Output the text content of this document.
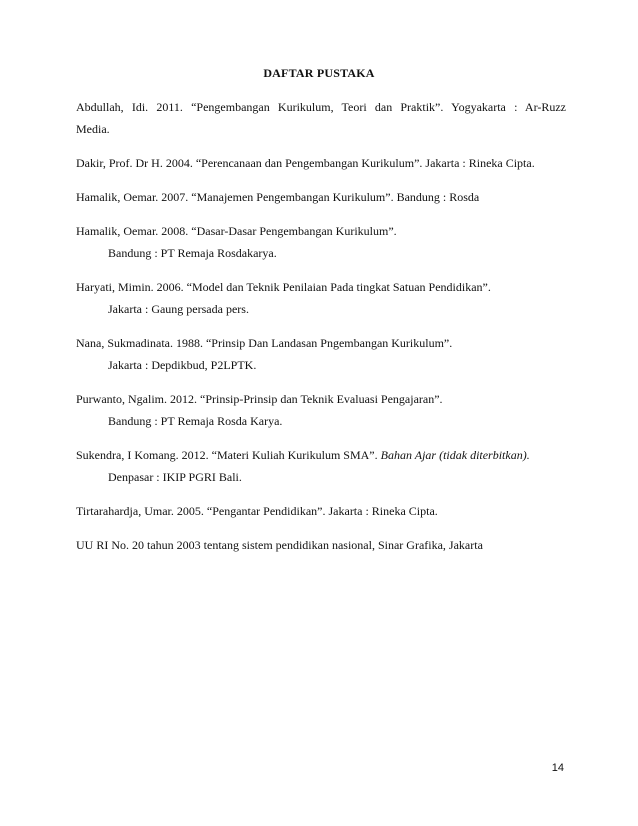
DAFTAR PUSTAKA
Abdullah, Idi. 2011. “Pengembangan Kurikulum, Teori dan Praktik”. Yogyakarta : Ar-Ruzz
Media.
Dakir, Prof. Dr H. 2004. “Perencanaan dan Pengembangan Kurikulum”. Jakarta : Rineka Cipta.
Hamalik, Oemar. 2007. “Manajemen Pengembangan Kurikulum”. Bandung : Rosda
Hamalik, Oemar. 2008. “Dasar-Dasar Pengembangan Kurikulum”.
Bandung : PT Remaja Rosdakarya.
Haryati, Mimin. 2006. “Model dan Teknik Penilaian Pada tingkat Satuan Pendidikan”.
Jakarta : Gaung persada pers.
Nana, Sukmadinata. 1988. “Prinsip Dan Landasan Pngembangan Kurikulum”.
Jakarta : Depdikbud, P2LPTK.
Purwanto, Ngalim. 2012. “Prinsip-Prinsip dan Teknik Evaluasi Pengajaran”.
Bandung : PT Remaja Rosda Karya.
Sukendra, I Komang. 2012. “Materi Kuliah Kurikulum SMA”. Bahan Ajar (tidak diterbitkan).
Denpasar : IKIP PGRI Bali.
Tirtarahardja, Umar. 2005. “Pengantar Pendidikan”. Jakarta : Rineka Cipta.
UU RI No. 20 tahun 2003 tentang sistem pendidikan nasional, Sinar Grafika, Jakarta
14
